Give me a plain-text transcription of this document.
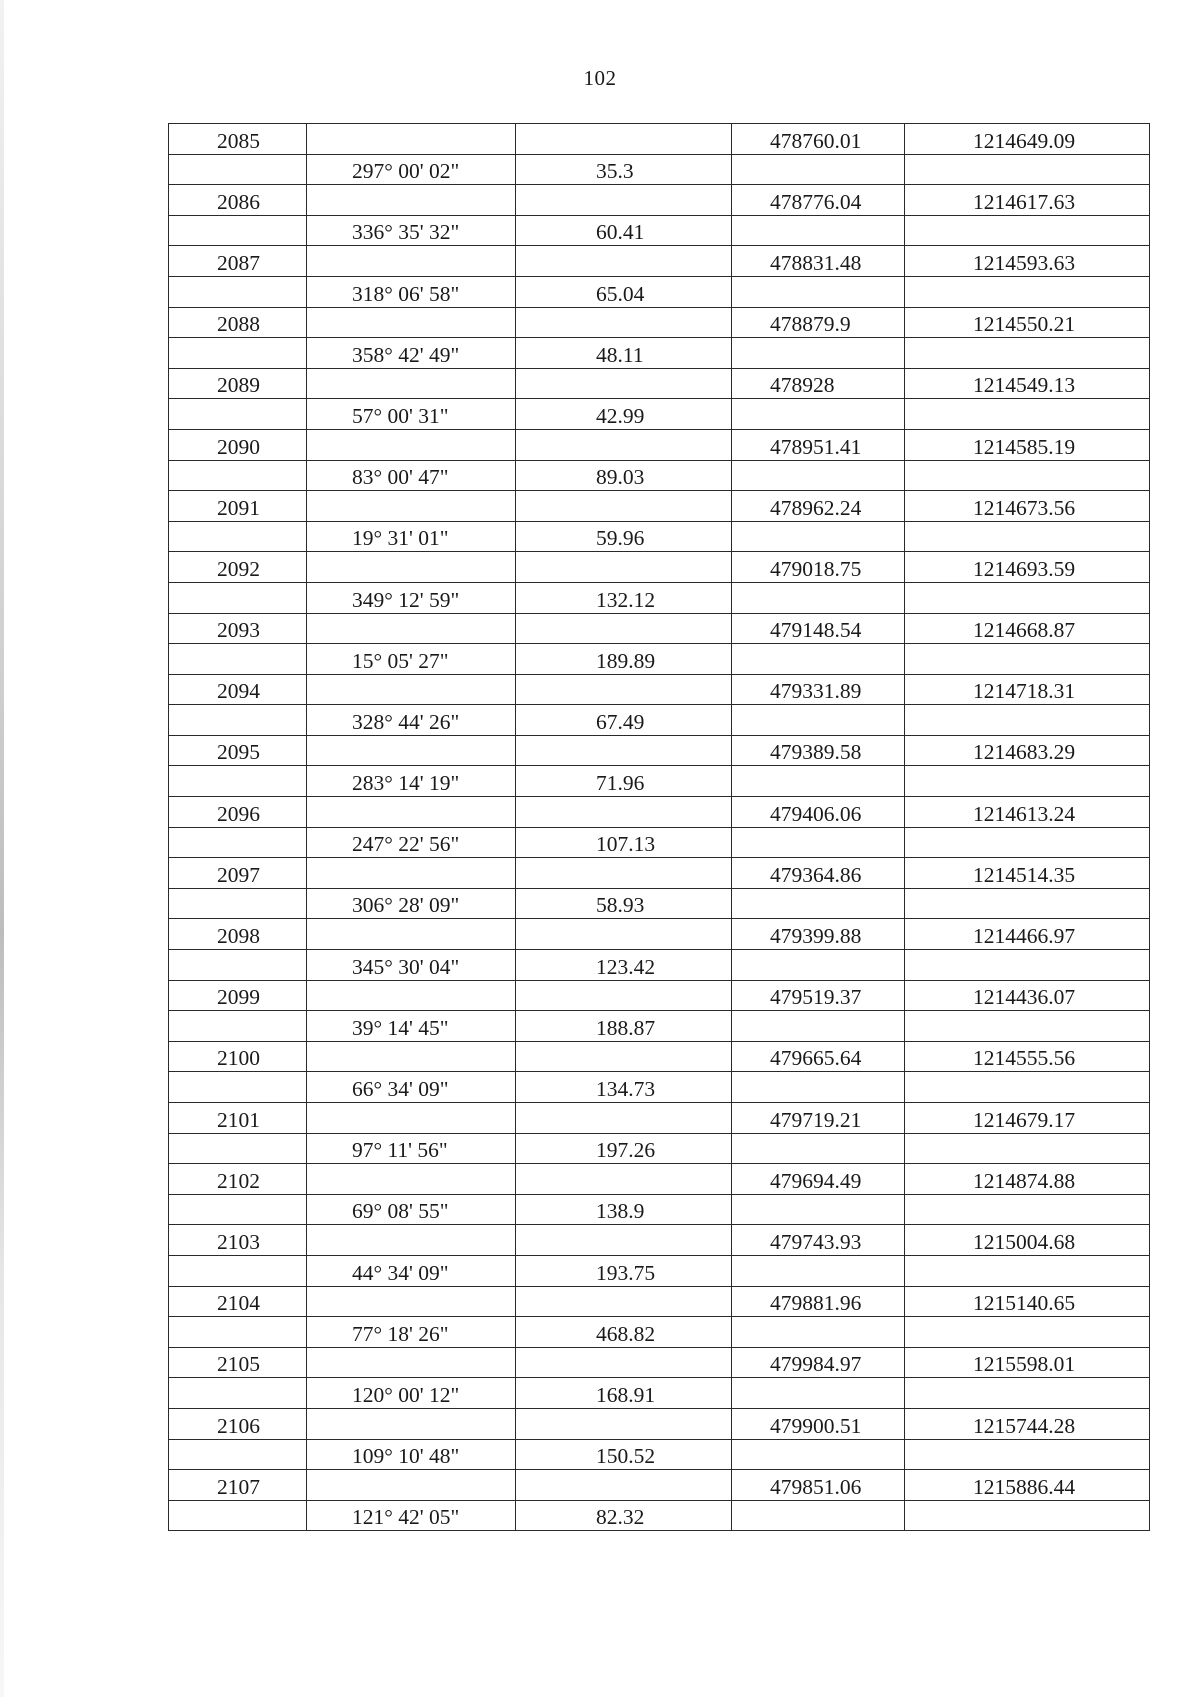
102
2085			478760.01	1214649.09
	297° 00' 02"	35.3		
2086			478776.04	1214617.63
	336° 35' 32"	60.41		
2087			478831.48	1214593.63
	318° 06' 58"	65.04		
2088			478879.9	1214550.21
	358° 42' 49"	48.11		
2089			478928	1214549.13
	57° 00' 31"	42.99		
2090			478951.41	1214585.19
	83° 00' 47"	89.03		
2091			478962.24	1214673.56
	19° 31' 01"	59.96		
2092			479018.75	1214693.59
	349° 12' 59"	132.12		
2093			479148.54	1214668.87
	15° 05' 27"	189.89		
2094			479331.89	1214718.31
	328° 44' 26"	67.49		
2095			479389.58	1214683.29
	283° 14' 19"	71.96		
2096			479406.06	1214613.24
	247° 22' 56"	107.13		
2097			479364.86	1214514.35
	306° 28' 09"	58.93		
2098			479399.88	1214466.97
	345° 30' 04"	123.42		
2099			479519.37	1214436.07
	39° 14' 45"	188.87		
2100			479665.64	1214555.56
	66° 34' 09"	134.73		
2101			479719.21	1214679.17
	97° 11' 56"	197.26		
2102			479694.49	1214874.88
	69° 08' 55"	138.9		
2103			479743.93	1215004.68
	44° 34' 09"	193.75		
2104			479881.96	1215140.65
	77° 18' 26"	468.82		
2105			479984.97	1215598.01
	120° 00' 12"	168.91		
2106			479900.51	1215744.28
	109° 10' 48"	150.52		
2107			479851.06	1215886.44
	121° 42' 05"	82.32		
